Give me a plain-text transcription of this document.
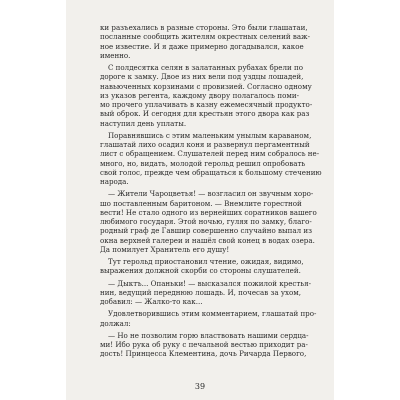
ки разъехались в разные стороны. Это были глашатаи,
посланные сообщить жителям окрестных селений важ-
ное известие. И я даже примерно догадывался, какое
именно.
С полдесятка селян в залатанных рубахах брели по
дороге к замку. Двое из них вели под уздцы лошадей,
навьюченных корзинами с провизией. Согласно одному
из указов регента, каждому двору полагалось поми-
мо прочего уплачивать в казну ежемесячный продукто-
вый оброк. И сегодня для крестьян этого двора как раз
наступил день уплаты.
Поравнявшись с этим маленьким унылым караваном,
глашатай лихо осадил коня и развернул пергаментный
лист с обращением. Слушателей перед ним собралось не-
много, но, видать, молодой герольд решил опробовать
свой голос, прежде чем обращаться к большому стечению
народа.
— Жители Чароцветья! — возгласил он звучным хоро-
шо поставленным баритоном. — Внемлите горестной
вести! Не стало одного из вернейших соратников вашего
любимого государя. Этой ночью, гуляя по замку, благо-
родный граф де Гавшир совершенно случайно выпал из
окна верхней галереи и нашёл свой конец в водах озера.
Да помилует Хранитель его душу!
Тут герольд приостановил чтение, ожидая, видимо,
выражения должной скорби со стороны слушателей.
— Дыктъ... Опаньки! — высказался пожилой крестья-
нин, ведущий переднюю лошадь. И, почесав за ухом,
добавил: — Жалко-то как...
Удовлетворившись этим комментарием, глашатай про-
должал:
— Но не позволим горю властвовать нашими сердца-
ми! Ибо рука об руку с печальной вестью приходит ра-
дость! Принцесса Клементина, дочь Ричарда Первого,
39
